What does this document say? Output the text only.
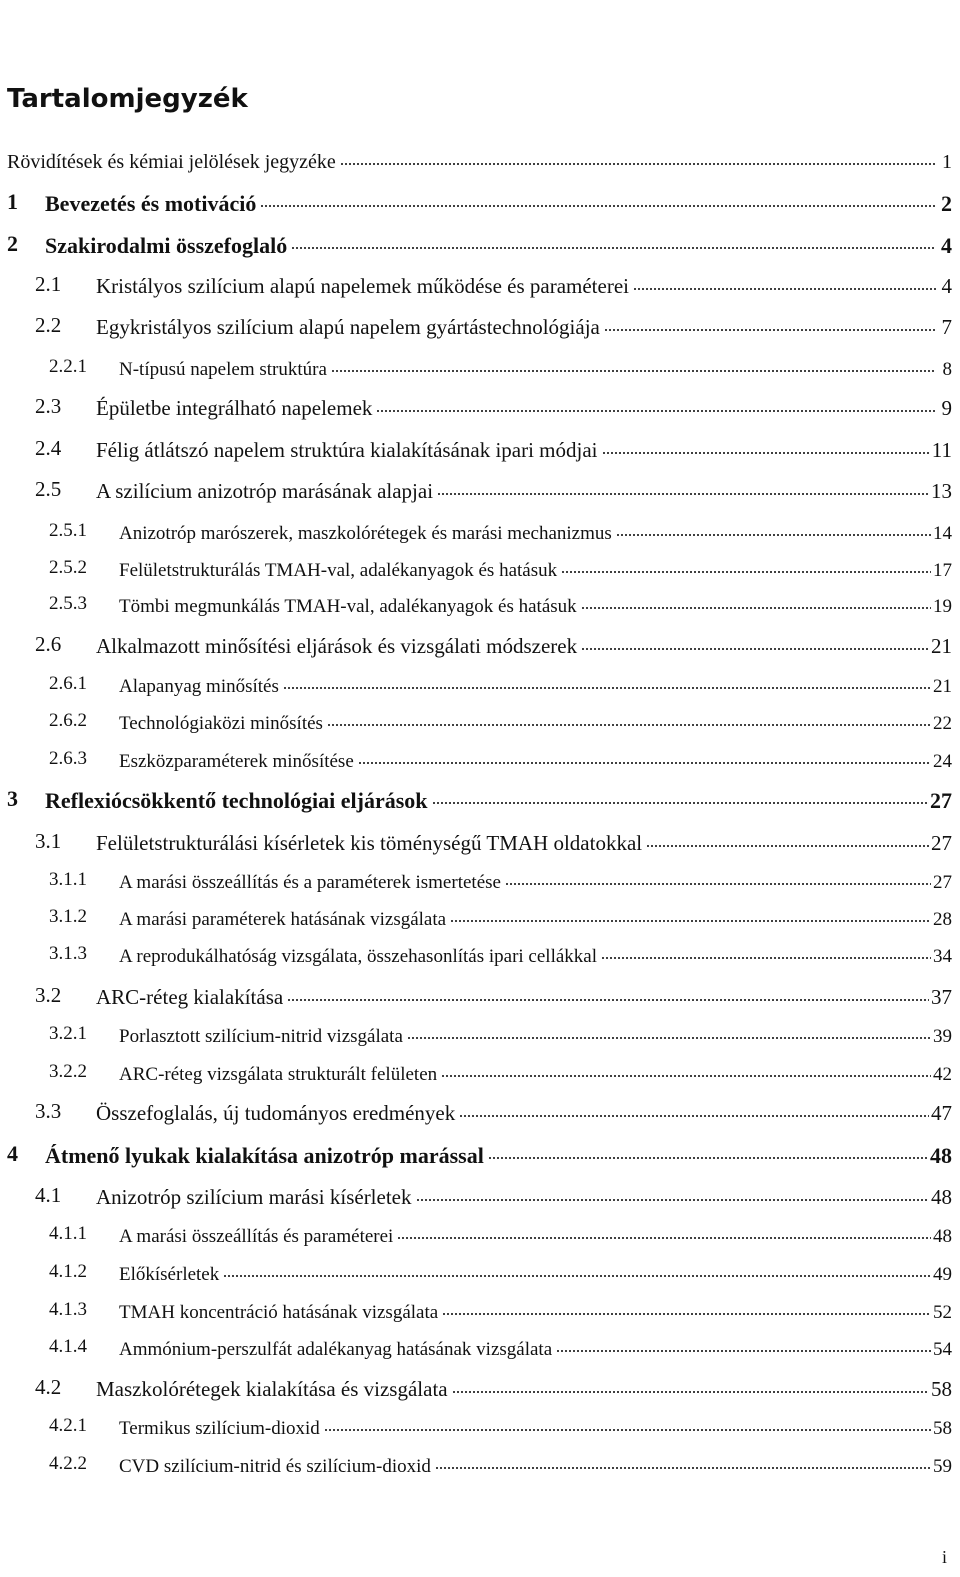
Tartalomjegyzék
Rövidítések és kémiai jelölések jegyzéke	1
1 Bevezetés és motiváció	2
2 Szakirodalmi összefoglaló	4
2.1 Kristályos szilícium alapú napelemek működése és paraméterei	4
2.2 Egykristályos szilícium alapú napelem gyártástechnológiája	7
2.2.1 N-típusú napelem struktúra	8
2.3 Épületbe integrálható napelemek	9
2.4 Félig átlátszó napelem struktúra kialakításának ipari módjai	11
2.5 A szilícium anizotróp marásának alapjai	13
2.5.1 Anizotróp marószerek, maszkolórétegek és marási mechanizmus	14
2.5.2 Felületstrukturálás TMAH-val, adalékanyagok és hatásuk	17
2.5.3 Tömbi megmunkálás TMAH-val, adalékanyagok és hatásuk	19
2.6 Alkalmazott minősítési eljárások és vizsgálati módszerek	21
2.6.1 Alapanyag minősítés	21
2.6.2 Technológiaközi minősítés	22
2.6.3 Eszközparaméterek minősítése	24
3 Reflexiócsökkentő technológiai eljárások	27
3.1 Felületstrukturálási kísérletek kis töménységű TMAH oldatokkal	27
3.1.1 A marási összeállítás és a paraméterek ismertetése	27
3.1.2 A marási paraméterek hatásának vizsgálata	28
3.1.3 A reprodukálhatóság vizsgálata, összehasonlítás ipari cellákkal	34
3.2 ARC-réteg kialakítása	37
3.2.1 Porlasztott szilícium-nitrid vizsgálata	39
3.2.2 ARC-réteg vizsgálata strukturált felületen	42
3.3 Összefoglalás, új tudományos eredmények	47
4 Átmenő lyukak kialakítása anizotróp marással	48
4.1 Anizotróp szilícium marási kísérletek	48
4.1.1 A marási összeállítás és paraméterei	48
4.1.2 Előkísérletek	49
4.1.3 TMAH koncentráció hatásának vizsgálata	52
4.1.4 Ammónium-perszulfát adalékanyag hatásának vizsgálata	54
4.2 Maszkolórétegek kialakítása és vizsgálata	58
4.2.1 Termikus szilícium-dioxid	58
4.2.2 CVD szilícium-nitrid és szilícium-dioxid	59
i
